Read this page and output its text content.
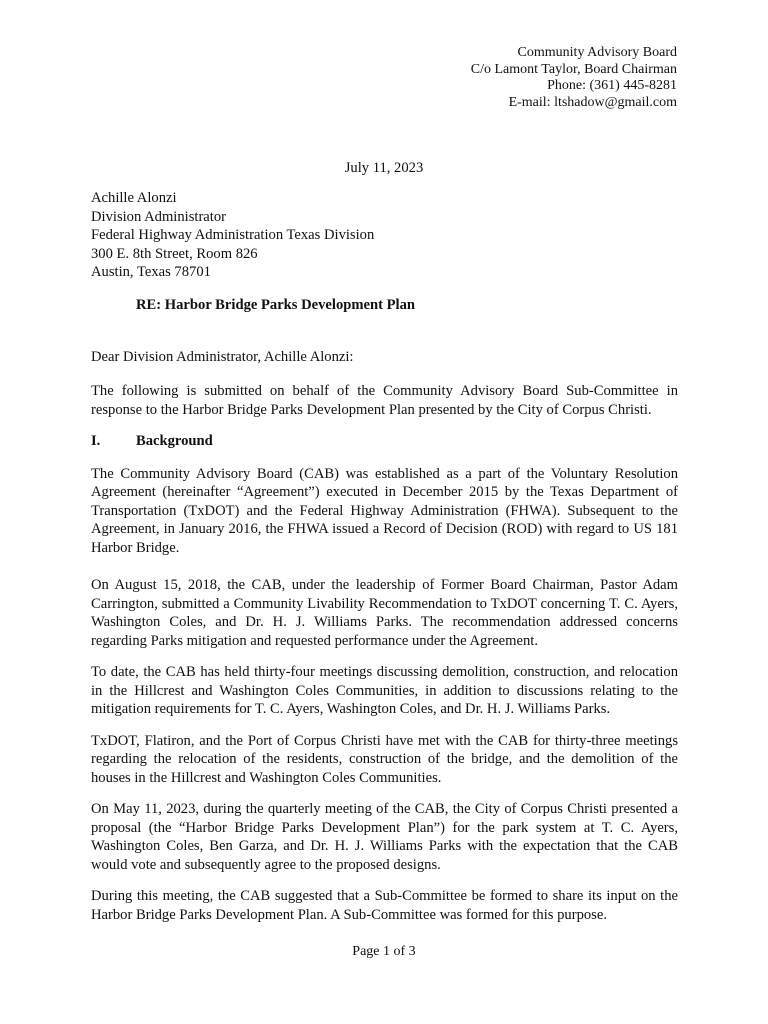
Community Advisory Board
C/o Lamont Taylor, Board Chairman
Phone: (361) 445-8281
E-mail: ltshadow@gmail.com
July 11, 2023
Achille Alonzi
Division Administrator
Federal Highway Administration Texas Division
300 E. 8th Street, Room 826
Austin, Texas 78701
RE: Harbor Bridge Parks Development Plan

Dear Division Administrator, Achille Alonzi:

The following is submitted on behalf of the Community Advisory Board Sub-Committee in response to the Harbor Bridge Parks Development Plan presented by the City of Corpus Christi.

I. Background

The Community Advisory Board (CAB) was established as a part of the Voluntary Resolution Agreement (hereinafter “Agreement”) executed in December 2015 by the Texas Department of Transportation (TxDOT) and the Federal Highway Administration (FHWA). Subsequent to the Agreement, in January 2016, the FHWA issued a Record of Decision (ROD) with regard to US 181 Harbor Bridge.

On August 15, 2018, the CAB, under the leadership of Former Board Chairman, Pastor Adam Carrington, submitted a Community Livability Recommendation to TxDOT concerning T. C. Ayers, Washington Coles, and Dr. H. J. Williams Parks. The recommendation addressed concerns regarding Parks mitigation and requested performance under the Agreement.

To date, the CAB has held thirty-four meetings discussing demolition, construction, and relocation in the Hillcrest and Washington Coles Communities, in addition to discussions relating to the mitigation requirements for T. C. Ayers, Washington Coles, and Dr. H. J. Williams Parks.

TxDOT, Flatiron, and the Port of Corpus Christi have met with the CAB for thirty-three meetings regarding the relocation of the residents, construction of the bridge, and the demolition of the houses in the Hillcrest and Washington Coles Communities.

On May 11, 2023, during the quarterly meeting of the CAB, the City of Corpus Christi presented a proposal (the “Harbor Bridge Parks Development Plan”) for the park system at T. C. Ayers, Washington Coles, Ben Garza, and Dr. H. J. Williams Parks with the expectation that the CAB would vote and subsequently agree to the proposed designs.

During this meeting, the CAB suggested that a Sub-Committee be formed to share its input on the Harbor Bridge Parks Development Plan. A Sub-Committee was formed for this purpose.

Page 1 of 3
